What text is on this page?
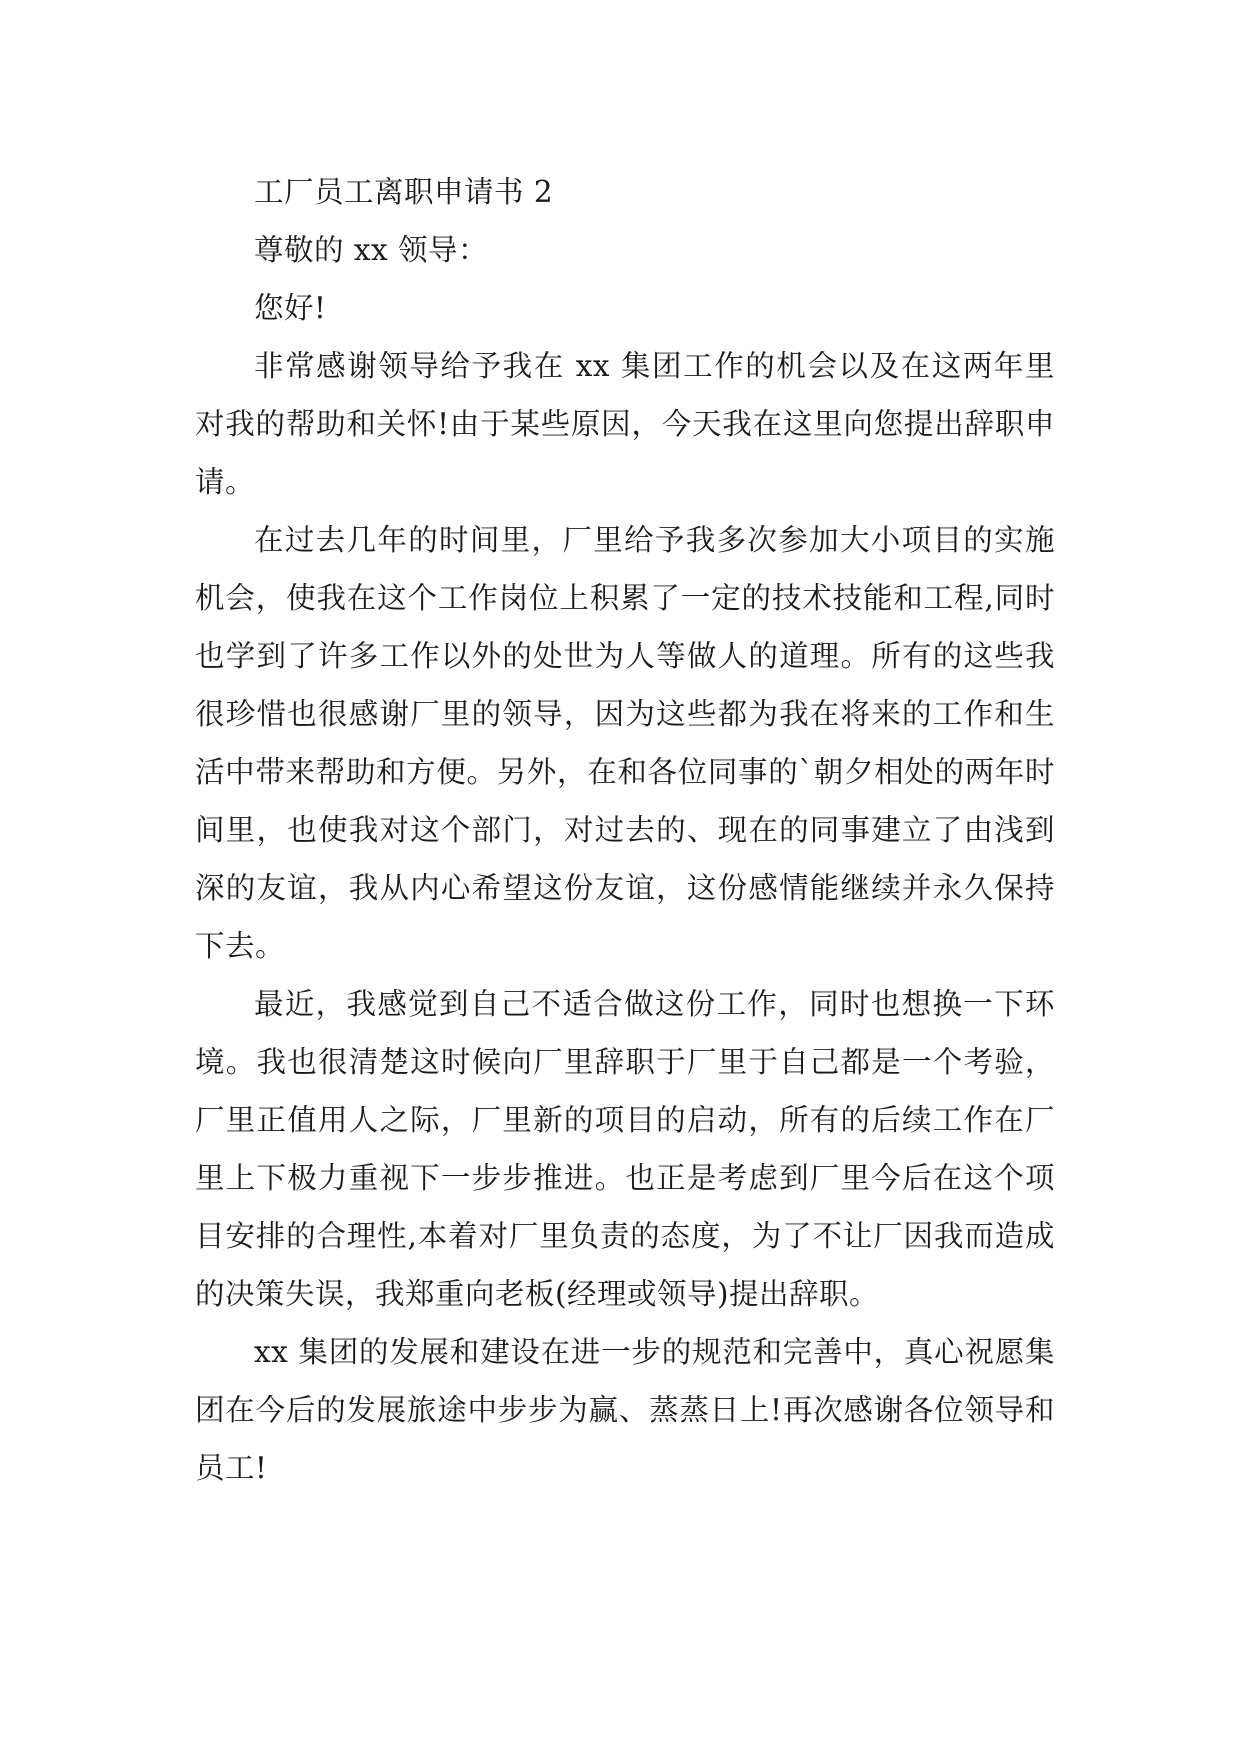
工厂员工离职申请书 2

尊敬的 xx 领导：

您好!

非常感谢领导给予我在 xx 集团工作的机会以及在这两年里对我的帮助和关怀!由于某些原因，今天我在这里向您提出辞职申请。

在过去几年的时间里，厂里给予我多次参加大小项目的实施机会，使我在这个工作岗位上积累了一定的技术技能和工程,同时也学到了许多工作以外的处世为人等做人的道理。所有的这些我很珍惜也很感谢厂里的领导，因为这些都为我在将来的工作和生活中带来帮助和方便。另外，在和各位同事的`朝夕相处的两年时间里，也使我对这个部门，对过去的、现在的同事建立了由浅到深的友谊，我从内心希望这份友谊，这份感情能继续并永久保持下去。

最近，我感觉到自己不适合做这份工作，同时也想换一下环境。我也很清楚这时候向厂里辞职于厂里于自己都是一个考验，厂里正值用人之际，厂里新的项目的启动，所有的后续工作在厂里上下极力重视下一步步推进。也正是考虑到厂里今后在这个项目安排的合理性,本着对厂里负责的态度，为了不让厂因我而造成的决策失误，我郑重向老板(经理或领导)提出辞职。

xx 集团的发展和建设在进一步的规范和完善中，真心祝愿集团在今后的发展旅途中步步为赢、蒸蒸日上!再次感谢各位领导和员工!
